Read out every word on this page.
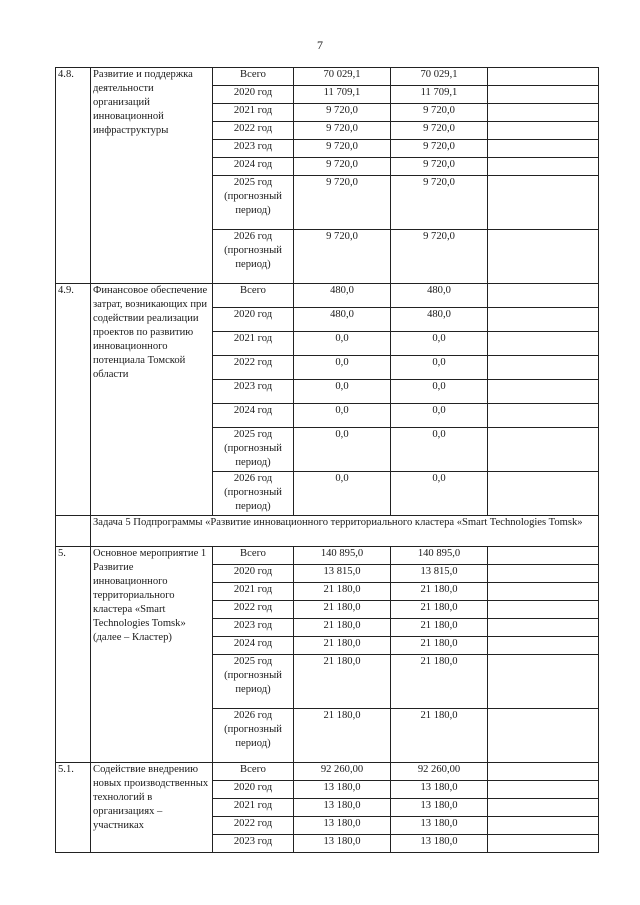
7
4.8.	Развитие и поддержка деятельности организаций инновационной инфраструктуры	Всего	70 029,1	70 029,1	
		2020 год	11 709,1	11 709,1	
		2021 год	9 720,0	9 720,0	
		2022 год	9 720,0	9 720,0	
		2023 год	9 720,0	9 720,0	
		2024 год	9 720,0	9 720,0	
		2025 год (прогнозный период)	9 720,0	9 720,0	
		2026 год (прогнозный период)	9 720,0	9 720,0	
4.9.	Финансовое обеспечение затрат, возникающих при содействии реализации проектов по развитию инновационного потенциала Томской области	Всего	480,0	480,0	
		2020 год	480,0	480,0	
		2021 год	0,0	0,0	
		2022 год	0,0	0,0	
		2023 год	0,0	0,0	
		2024 год	0,0	0,0	
		2025 год (прогнозный период)	0,0	0,0	
		2026 год (прогнозный период)	0,0	0,0	
	Задача 5 Подпрограммы «Развитие инновационного территориального кластера «Smart Technologies Tomsk»				
5.	Основное мероприятие 1 Развитие инновационного территориального кластера «Smart Technologies Tomsk» (далее – Кластер)	Всего	140 895,0	140 895,0	
		2020 год	13 815,0	13 815,0	
		2021 год	21 180,0	21 180,0	
		2022 год	21 180,0	21 180,0	
		2023 год	21 180,0	21 180,0	
		2024 год	21 180,0	21 180,0	
		2025 год (прогнозный период)	21 180,0	21 180,0	
		2026 год (прогнозный период)	21 180,0	21 180,0	
5.1.	Содействие внедрению новых производственных технологий в организациях – участниках	Всего	92 260,00	92 260,00	
		2020 год	13 180,0	13 180,0	
		2021 год	13 180,0	13 180,0	
		2022 год	13 180,0	13 180,0	
		2023 год	13 180,0	13 180,0	
